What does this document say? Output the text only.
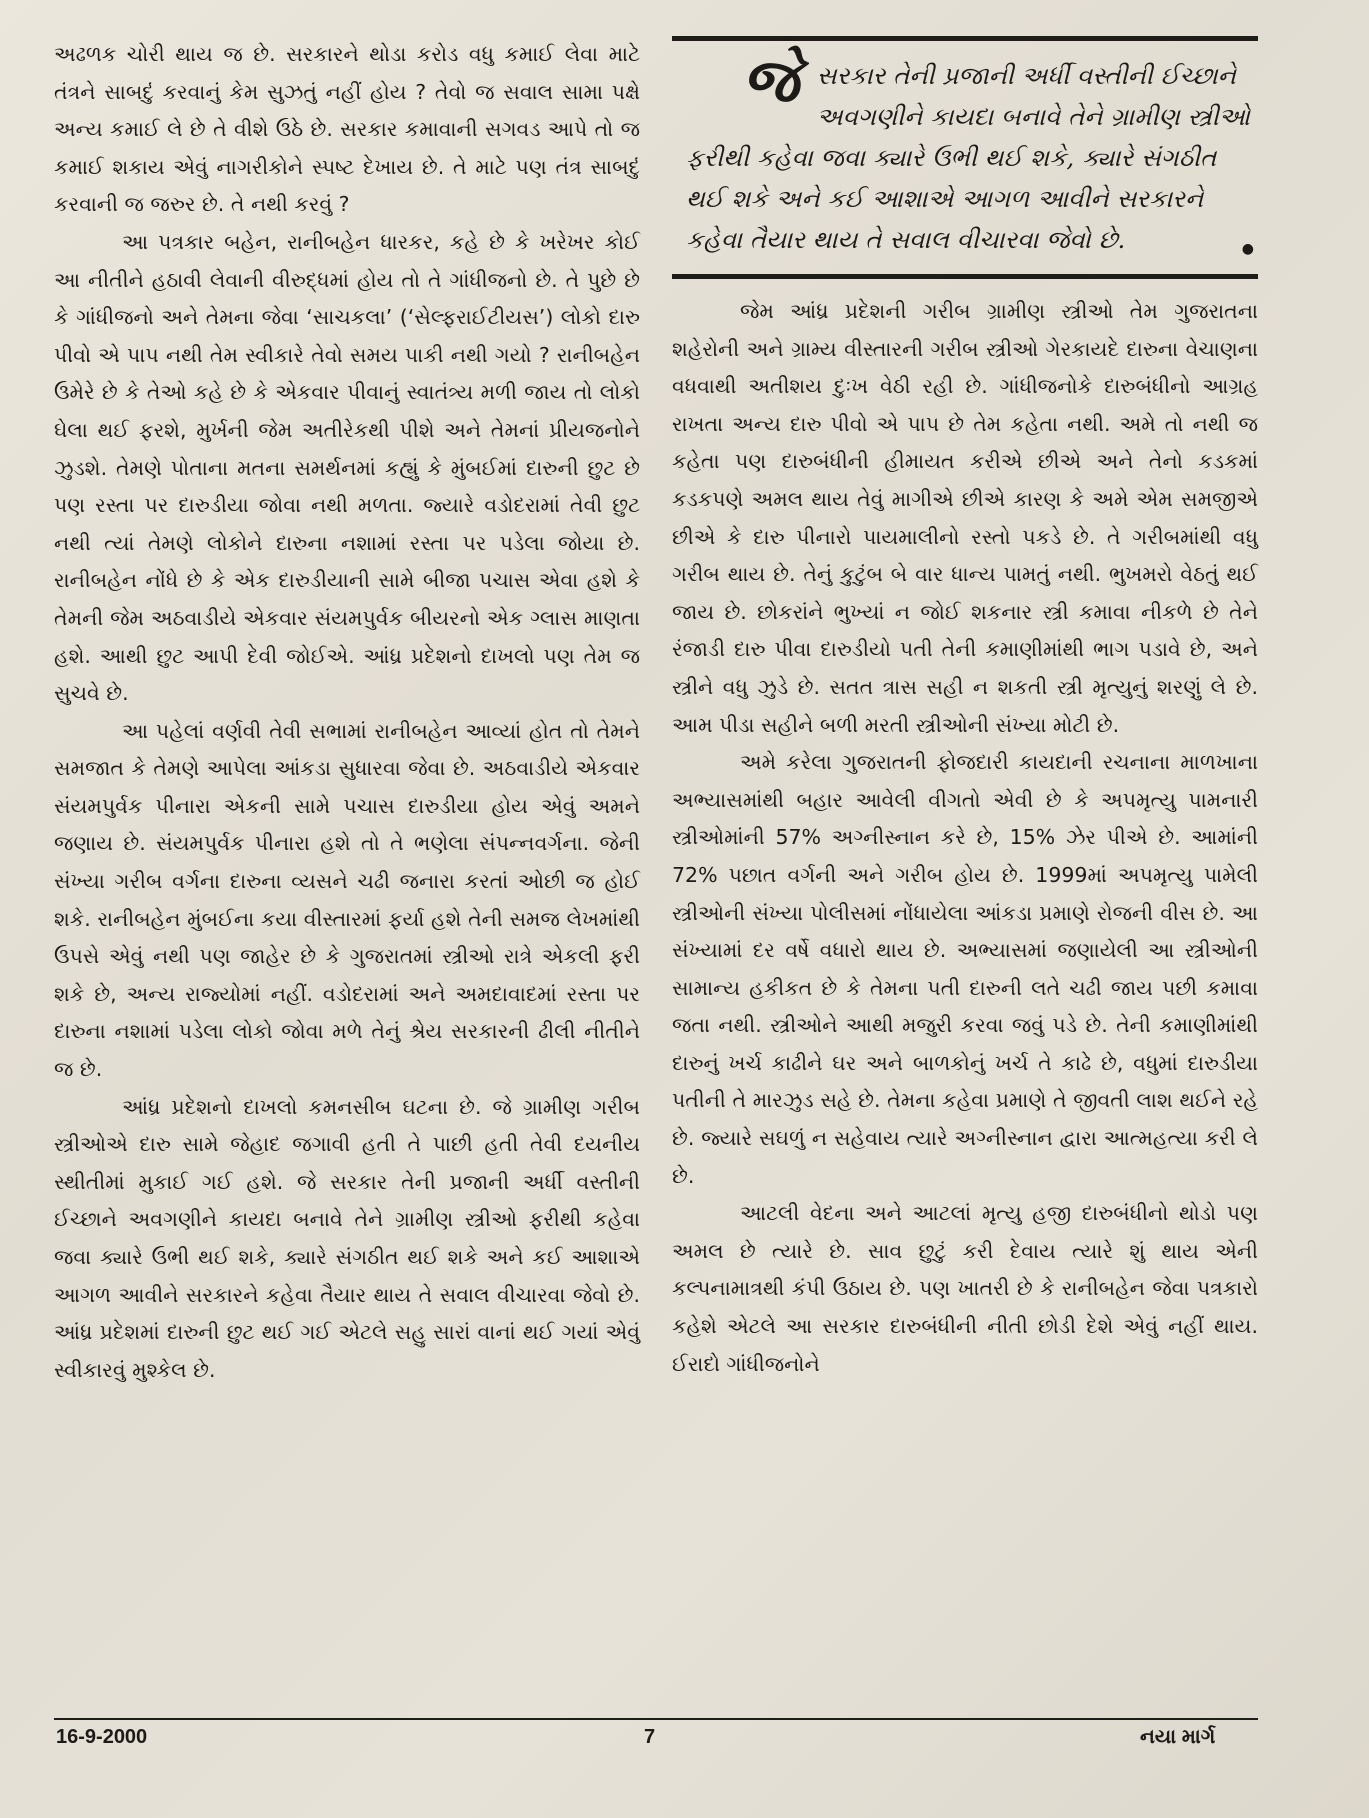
અઢળક ચોરી થાય જ છે. સરકારને થોડા કરોડ વધુ કમાઈ લેવા માટે તંત્રને સાબદું કરવાનું કેમ સુઝતું નહીં હોય ? તેવો જ સવાલ સામા પક્ષે અન્ય કમાઈ લે છે તે વીશે ઉઠે છે. સરકાર કમાવાની સગવડ આપે તો જ કમાઈ શકાય એવું નાગરીકોને સ્પષ્ટ દેખાય છે. તે માટે પણ તંત્ર સાબદું કરવાની જ જરુર છે. તે નથી કરવું ?

આ પત્રકાર બહેન, રાનીબહેન ધારકર, કહે છે કે ખરેખર કોઈ આ નીતીને હઠાવી લેવાની વીરુદ્ધમાં હોય તો તે ગાંધીજનો છે. તે પુછે છે કે ગાંધીજનો અને તેમના જેવા ‘સાચકલા’ (‘સેલ્ફરાઈટીયસ’) લોકો દારુ પીવો એ પાપ નથી તેમ સ્વીકારે તેવો સમય પાકી નથી ગયો ? રાનીબહેન ઉમેરે છે કે તેઓ કહે છે કે એકવાર પીવાનું સ્વાતંત્ર્ય મળી જાય તો લોકો ઘેલા થઈ ફરશે, મુર્ખની જેમ અતીરેકથી પીશે અને તેમનાં પ્રીયજનોને ઝુડશે. તેમણે પોતાના મતના સમર્થનમાં કહ્યું કે મુંબઈમાં દારુની છુટ છે પણ રસ્તા પર દારુડીયા જોવા નથી મળતા. જ્યારે વડોદરામાં તેવી છુટ નથી ત્યાં તેમણે લોકોને દારુના નશામાં રસ્તા પર પડેલા જોયા છે. રાનીબહેન નોંધે છે કે એક દારુડીયાની સામે બીજા પચાસ એવા હશે કે તેમની જેમ અઠવાડીયે એકવાર સંયમપુર્વક બીયરનો એક ગ્લાસ માણતા હશે. આથી છુટ આપી દેવી જોઈએ. આંધ્ર પ્રદેશનો દાખલો પણ તેમ જ સુચવે છે.

આ પહેલાં વર્ણવી તેવી સભામાં રાનીબહેન આવ્યાં હોત તો તેમને સમજાત કે તેમણે આપેલા આંકડા સુધારવા જેવા છે. અઠવાડીયે એકવાર સંયમપુર્વક પીનારા એકની સામે પચાસ દારુડીયા હોય એવું અમને જણાય છે. સંયમપુર્વક પીનારા હશે તો તે ભણેલા સંપન્નવર્ગના. જેની સંખ્યા ગરીબ વર્ગના દારુના વ્યસને ચઢી જનારા કરતાં ઓછી જ હોઈ શકે. રાનીબહેન મુંબઈના કયા વીસ્તારમાં ફર્યા હશે તેની સમજ લેખમાંથી ઉપસે એવું નથી પણ જાહેર છે કે ગુજરાતમાં સ્ત્રીઓ રાત્રે એકલી ફરી શકે છે, અન્ય રાજ્યોમાં નહીં. વડોદરામાં અને અમદાવાદમાં રસ્તા પર દારુના નશામાં પડેલા લોકો જોવા મળે તેનું શ્રેય સરકારની ઢીલી નીતીને જ છે.

આંધ્ર પ્રદેશનો દાખલો કમનસીબ ઘટના છે. જે ગ્રામીણ ગરીબ સ્ત્રીઓએ દારુ સામે જેહાદ જગાવી હતી તે પાછી હતી તેવી દયનીય સ્થીતીમાં મુકાઈ ગઈ હશે. જે સરકાર તેની પ્રજાની અર્ધી વસ્તીની ઈચ્છાને અવગણીને કાયદા બનાવે તેને ગ્રામીણ સ્ત્રીઓ ફરીથી કહેવા જવા ક્યારે ઉભી થઈ શકે, ક્યારે સંગઠીત થઈ શકે અને કઈ આશાએ આગળ આવીને સરકારને કહેવા તૈયાર થાય તે સવાલ વીચારવા જેવો છે. આંધ્ર પ્રદેશમાં દારુની છુટ થઈ ગઈ એટલે સહુ સારાં વાનાં થઈ ગયાં એવું સ્વીકારવું મુશ્કેલ છે.

જેસરકાર તેની પ્રજાની અર્ધી વસ્તીની ઈચ્છાને અવગણીને કાયદા બનાવે તેને ગ્રામીણ સ્ત્રીઓ ફરીથી કહેવા જવા ક્યારે ઉભી થઈ શકે, ક્યારે સંગઠીત થઈ શકે અને કઈ આશાએ આગળ આવીને સરકારને કહેવા તૈયાર થાય તે સવાલ વીચારવા જેવો છે.	●

જેમ આંધ્ર પ્રદેશની ગરીબ ગ્રામીણ સ્ત્રીઓ તેમ ગુજરાતના શહેરોની અને ગ્રામ્ય વીસ્તારની ગરીબ સ્ત્રીઓ ગેરકાયદે દારુના વેચાણના વધવાથી અતીશય દુઃખ વેઠી રહી છે. ગાંધીજનોકે દારુબંધીનો આગ્રહ રાખતા અન્ય દારુ પીવો એ પાપ છે તેમ કહેતા નથી. અમે તો નથી જ કહેતા પણ દારુબંધીની હીમાયત કરીએ છીએ અને તેનો કડકમાં કડકપણે અમલ થાય તેવું માગીએ છીએ કારણ કે અમે એમ સમજીએ છીએ કે દારુ પીનારો પાયમાલીનો રસ્તો પકડે છે. તે ગરીબમાંથી વધુ ગરીબ થાય છે. તેનું કુટુંબ બે વાર ધાન્ય પામતું નથી. ભુખમરો વેઠતું થઈ જાય છે. છોકરાંને ભુખ્યાં ન જોઈ શકનાર સ્ત્રી કમાવા નીકળે છે તેને રંજાડી દારુ પીવા દારુડીયો પતી તેની કમાણીમાંથી ભાગ પડાવે છે, અને સ્ત્રીને વધુ ઝુડે છે. સતત ત્રાસ સહી ન શકતી સ્ત્રી મૃત્યુનું શરણું લે છે. આમ પીડા સહીને બળી મરતી સ્ત્રીઓની સંખ્યા મોટી છે.

અમે કરેલા ગુજરાતની ફોજદારી કાયદાની રચનાના માળખાના અભ્યાસમાંથી બહાર આવેલી વીગતો એવી છે કે અપમૃત્યુ પામનારી સ્ત્રીઓમાંની 57% અગ્નીસ્નાન કરે છે, 15% ઝેર પીએ છે. આમાંની 72% પછાત વર્ગની અને ગરીબ હોય છે. 1999માં અપમૃત્યુ પામેલી સ્ત્રીઓની સંખ્યા પોલીસમાં નોંધાયેલા આંકડા પ્રમાણે રોજની વીસ છે. આ સંખ્યામાં દર વર્ષે વધારો થાય છે. અભ્યાસમાં જણાયેલી આ સ્ત્રીઓની સામાન્ય હકીકત છે કે તેમના પતી દારુની લતે ચઢી જાય પછી કમાવા જતા નથી. સ્ત્રીઓને આથી મજુરી કરવા જવું પડે છે. તેની કમાણીમાંથી દારુનું ખર્ચ કાઢીને ઘર અને બાળકોનું ખર્ચ તે કાઢે છે, વધુમાં દારુડીયા પતીની તે મારઝુડ સહે છે. તેમના કહેવા પ્રમાણે તે જીવતી લાશ થઈને રહે છે. જ્યારે સઘળું ન સહેવાય ત્યારે અગ્નીસ્નાન દ્વારા આત્મહત્યા કરી લે છે.

આટલી વેદના અને આટલાં મૃત્યુ હજી દારુબંધીનો થોડો પણ અમલ છે ત્યારે છે. સાવ છુટું કરી દેવાય ત્યારે શું થાય એની કલ્પનામાત્રથી કંપી ઉઠાય છે. પણ ખાતરી છે કે રાનીબહેન જેવા પત્રકારો કહેશે એટલે આ સરકાર દારુબંધીની નીતી છોડી દેશે એવું નહીં થાય. ઈરાદો ગાંધીજનોને

16-9-2000	7	નયા માર્ગ
